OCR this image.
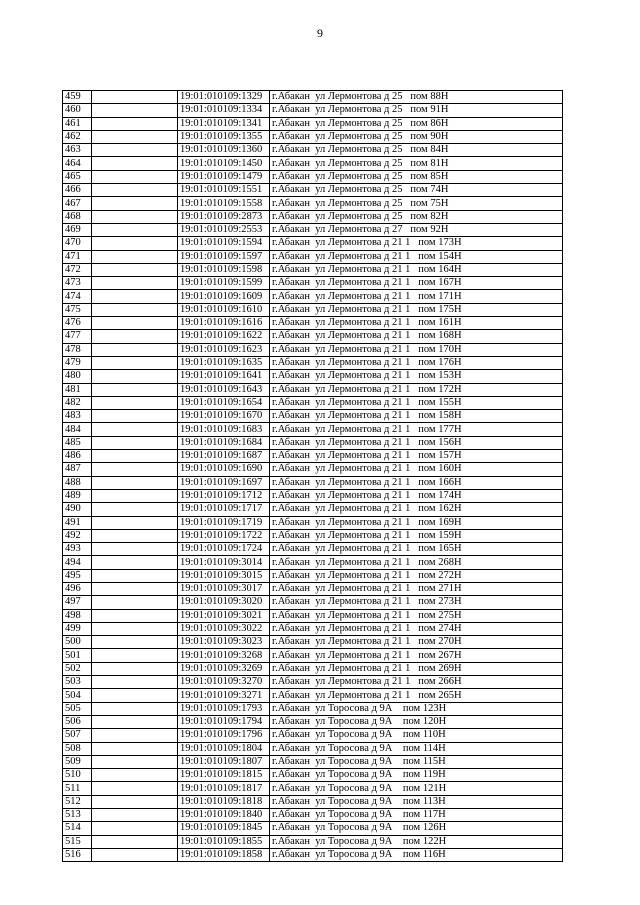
9
459		19:01:010109:1329	г.Абакан  ул Лермонтова д 25   пом 88Н
460		19:01:010109:1334	г.Абакан  ул Лермонтова д 25   пом 91Н
461		19:01:010109:1341	г.Абакан  ул Лермонтова д 25   пом 86Н
462		19:01:010109:1355	г.Абакан  ул Лермонтова д 25   пом 90Н
463		19:01:010109:1360	г.Абакан  ул Лермонтова д 25   пом 84Н
464		19:01:010109:1450	г.Абакан  ул Лермонтова д 25   пом 81Н
465		19:01:010109:1479	г.Абакан  ул Лермонтова д 25   пом 85Н
466		19:01:010109:1551	г.Абакан  ул Лермонтова д 25   пом 74Н
467		19:01:010109:1558	г.Абакан  ул Лермонтова д 25   пом 75Н
468		19:01:010109:2873	г.Абакан  ул Лермонтова д 25   пом 82Н
469		19:01:010109:2553	г.Абакан  ул Лермонтова д 27   пом 92Н
470		19:01:010109:1594	г.Абакан  ул Лермонтова д 21 1   пом 173Н
471		19:01:010109:1597	г.Абакан  ул Лермонтова д 21 1   пом 154Н
472		19:01:010109:1598	г.Абакан  ул Лермонтова д 21 1   пом 164Н
473		19:01:010109:1599	г.Абакан  ул Лермонтова д 21 1   пом 167Н
474		19:01:010109:1609	г.Абакан  ул Лермонтова д 21 1   пом 171Н
475		19:01:010109:1610	г.Абакан  ул Лермонтова д 21 1   пом 175Н
476		19:01:010109:1616	г.Абакан  ул Лермонтова д 21 1   пом 161Н
477		19:01:010109:1622	г.Абакан  ул Лермонтова д 21 1   пом 168Н
478		19:01:010109:1623	г.Абакан  ул Лермонтова д 21 1   пом 170Н
479		19:01:010109:1635	г.Абакан  ул Лермонтова д 21 1   пом 176Н
480		19:01:010109:1641	г.Абакан  ул Лермонтова д 21 1   пом 153Н
481		19:01:010109:1643	г.Абакан  ул Лермонтова д 21 1   пом 172Н
482		19:01:010109:1654	г.Абакан  ул Лермонтова д 21 1   пом 155Н
483		19:01:010109:1670	г.Абакан  ул Лермонтова д 21 1   пом 158Н
484		19:01:010109:1683	г.Абакан  ул Лермонтова д 21 1   пом 177Н
485		19:01:010109:1684	г.Абакан  ул Лермонтова д 21 1   пом 156Н
486		19:01:010109:1687	г.Абакан  ул Лермонтова д 21 1   пом 157Н
487		19:01:010109:1690	г.Абакан  ул Лермонтова д 21 1   пом 160Н
488		19:01:010109:1697	г.Абакан  ул Лермонтова д 21 1   пом 166Н
489		19:01:010109:1712	г.Абакан  ул Лермонтова д 21 1   пом 174Н
490		19:01:010109:1717	г.Абакан  ул Лермонтова д 21 1   пом 162Н
491		19:01:010109:1719	г.Абакан  ул Лермонтова д 21 1   пом 169Н
492		19:01:010109:1722	г.Абакан  ул Лермонтова д 21 1   пом 159Н
493		19:01:010109:1724	г.Абакан  ул Лермонтова д 21 1   пом 165Н
494		19:01:010109:3014	г.Абакан  ул Лермонтова д 21 1   пом 268Н
495		19:01:010109:3015	г.Абакан  ул Лермонтова д 21 1   пом 272Н
496		19:01:010109:3017	г.Абакан  ул Лермонтова д 21 1   пом 271Н
497		19:01:010109:3020	г.Абакан  ул Лермонтова д 21 1   пом 273Н
498		19:01:010109:3021	г.Абакан  ул Лермонтова д 21 1   пом 275Н
499		19:01:010109:3022	г.Абакан  ул Лермонтова д 21 1   пом 274Н
500		19:01:010109:3023	г.Абакан  ул Лермонтова д 21 1   пом 270Н
501		19:01:010109:3268	г.Абакан  ул Лермонтова д 21 1   пом 267Н
502		19:01:010109:3269	г.Абакан  ул Лермонтова д 21 1   пом 269Н
503		19:01:010109:3270	г.Абакан  ул Лермонтова д 21 1   пом 266Н
504		19:01:010109:3271	г.Абакан  ул Лермонтова д 21 1   пом 265Н
505		19:01:010109:1793	г.Абакан  ул Торосова д 9А    пом 123Н
506		19:01:010109:1794	г.Абакан  ул Торосова д 9А    пом 120Н
507		19:01:010109:1796	г.Абакан  ул Торосова д 9А    пом 110Н
508		19:01:010109:1804	г.Абакан  ул Торосова д 9А    пом 114Н
509		19:01:010109:1807	г.Абакан  ул Торосова д 9А    пом 115Н
510		19:01:010109:1815	г.Абакан  ул Торосова д 9А    пом 119Н
511		19:01:010109:1817	г.Абакан  ул Торосова д 9А    пом 121Н
512		19:01:010109:1818	г.Абакан  ул Торосова д 9А    пом 113Н
513		19:01:010109:1840	г.Абакан  ул Торосова д 9А    пом 117Н
514		19:01:010109:1845	г.Абакан  ул Торосова д 9А    пом 126Н
515		19:01:010109:1855	г.Абакан  ул Торосова д 9А    пом 122Н
516		19:01:010109:1858	г.Абакан  ул Торосова д 9А    пом 116Н
